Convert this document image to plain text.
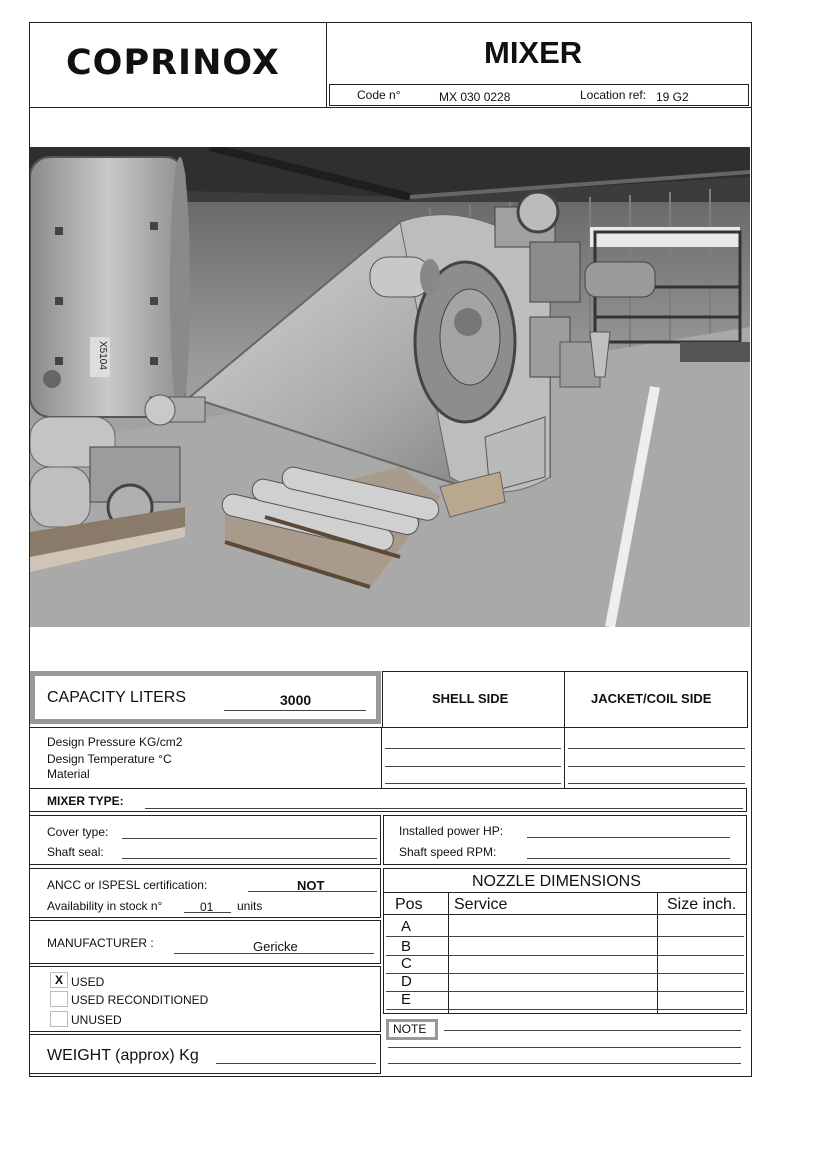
COPRINOX	MIXER
Code n°	MX 030 0228	Location ref: 19 G2
X5104
CAPACITY LITERS	3000	SHELL SIDE	JACKET/COIL SIDE
Design Pressure KG/cm2
Design Temperature °C
Material
MIXER TYPE:
Cover type:
Shaft seal:
Installed power HP:
Shaft speed RPM:
ANCC or ISPESL certification:	NOT
Availability in stock n°	01 units
MANUFACTURER :	Gericke
X USED
USED RECONDITIONED
UNUSED
WEIGHT (approx) Kg
NOZZLE DIMENSIONS
Pos Service	Size inch.
A
B
C
D
E
NOTE
